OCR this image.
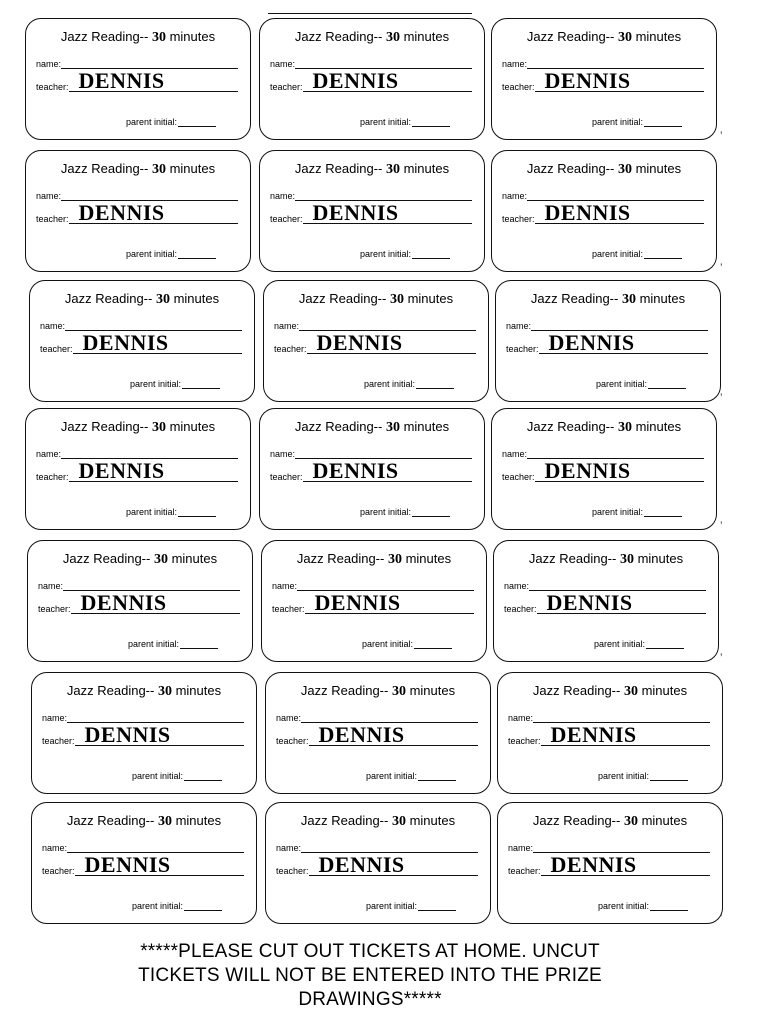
Jazz Reading-- 30 minutes
name:
teacher: DENNIS
parent initial:
Jazz Reading-- 30 minutes
name:
teacher: DENNIS
parent initial:
Jazz Reading-- 30 minutes
name:
teacher: DENNIS
parent initial:
Jazz Reading-- 30 minutes
name:
teacher: DENNIS
parent initial:
Jazz Reading-- 30 minutes
name:
teacher: DENNIS
parent initial:
Jazz Reading-- 30 minutes
name:
teacher: DENNIS
parent initial:
Jazz Reading-- 30 minutes
name:
teacher: DENNIS
parent initial:
Jazz Reading-- 30 minutes
name:
teacher: DENNIS
parent initial:
Jazz Reading-- 30 minutes
name:
teacher: DENNIS
parent initial:
Jazz Reading-- 30 minutes
name:
teacher: DENNIS
parent initial:
Jazz Reading-- 30 minutes
name:
teacher: DENNIS
parent initial:
Jazz Reading-- 30 minutes
name:
teacher: DENNIS
parent initial:
Jazz Reading-- 30 minutes
name:
teacher: DENNIS
parent initial:
Jazz Reading-- 30 minutes
name:
teacher: DENNIS
parent initial:
Jazz Reading-- 30 minutes
name:
teacher: DENNIS
parent initial:
Jazz Reading-- 30 minutes
name:
teacher: DENNIS
parent initial:
Jazz Reading-- 30 minutes
name:
teacher: DENNIS
parent initial:
Jazz Reading-- 30 minutes
name:
teacher: DENNIS
parent initial:
Jazz Reading-- 30 minutes
name:
teacher: DENNIS
parent initial:
Jazz Reading-- 30 minutes
name:
teacher: DENNIS
parent initial:
Jazz Reading-- 30 minutes
name:
teacher: DENNIS
parent initial:
*****PLEASE CUT OUT TICKETS AT HOME. UNCUT
TICKETS WILL NOT BE ENTERED INTO THE PRIZE
DRAWINGS*****
’
’
’
’
’
’
’
